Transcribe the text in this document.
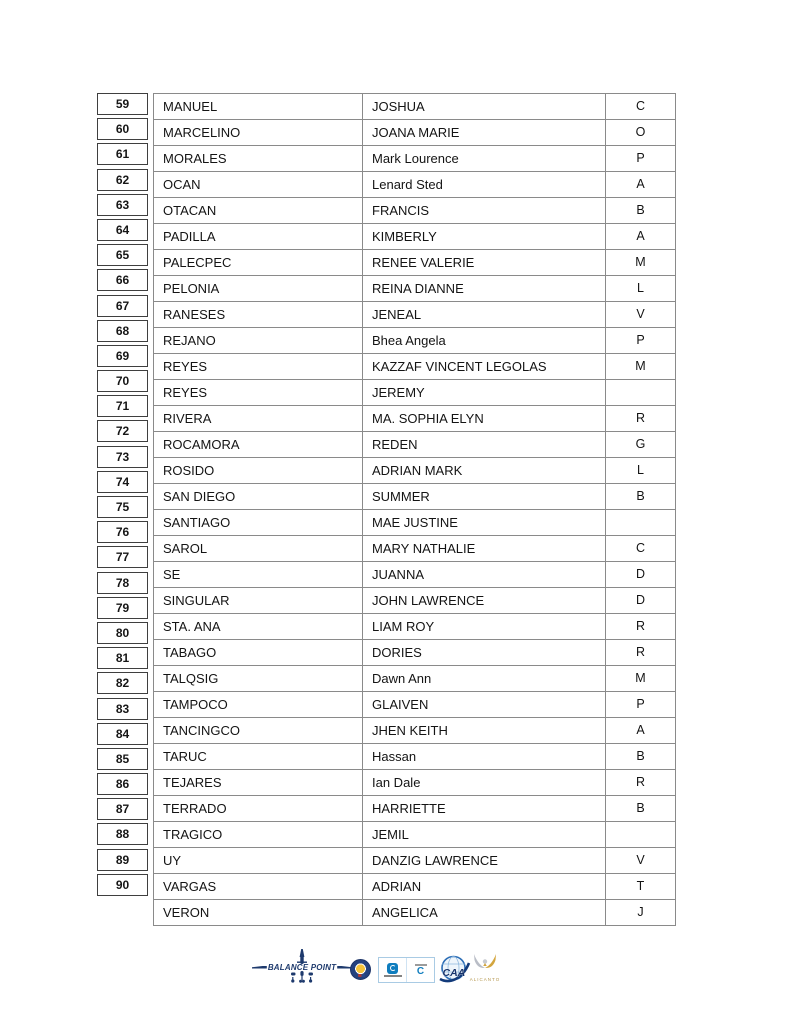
59
60
61
62
63
64
65
66
67
68
69
70
71
72
73
74
75
76
77
78
79
80
81
82
83
84
85
86
87
88
89
90
MANUEL	JOSHUA	C
MARCELINO	JOANA MARIE	O
MORALES	Mark Lourence	P
OCAN	Lenard Sted	A
OTACAN	FRANCIS	B
PADILLA	KIMBERLY	A
PALECPEC	RENEE VALERIE	M
PELONIA	REINA DIANNE	L
RANESES	JENEAL	V
REJANO	Bhea Angela	P
REYES	KAZZAF VINCENT LEGOLAS	M
REYES	JEREMY	
RIVERA	MA. SOPHIA ELYN	R
ROCAMORA	REDEN	G
ROSIDO	ADRIAN MARK	L
SAN DIEGO	SUMMER	B
SANTIAGO	MAE JUSTINE	
SAROL	MARY NATHALIE	C
SE	JUANNA	D
SINGULAR	JOHN LAWRENCE	D
STA. ANA	LIAM ROY	R
TABAGO	DORIES	R
TALQSIG	Dawn Ann	M
TAMPOCO	GLAIVEN	P
TANCINGCO	JHEN KEITH	A
TARUC	Hassan	B
TEJARES	Ian Dale	R
TERRADO	HARRIETTE	B
TRAGICO	JEMIL	
UY	DANZIG LAWRENCE	V
VARGAS	ADRIAN	T
VERON	ANGELICA	J
BALANCE POINT	C CAA
ALICANTO
